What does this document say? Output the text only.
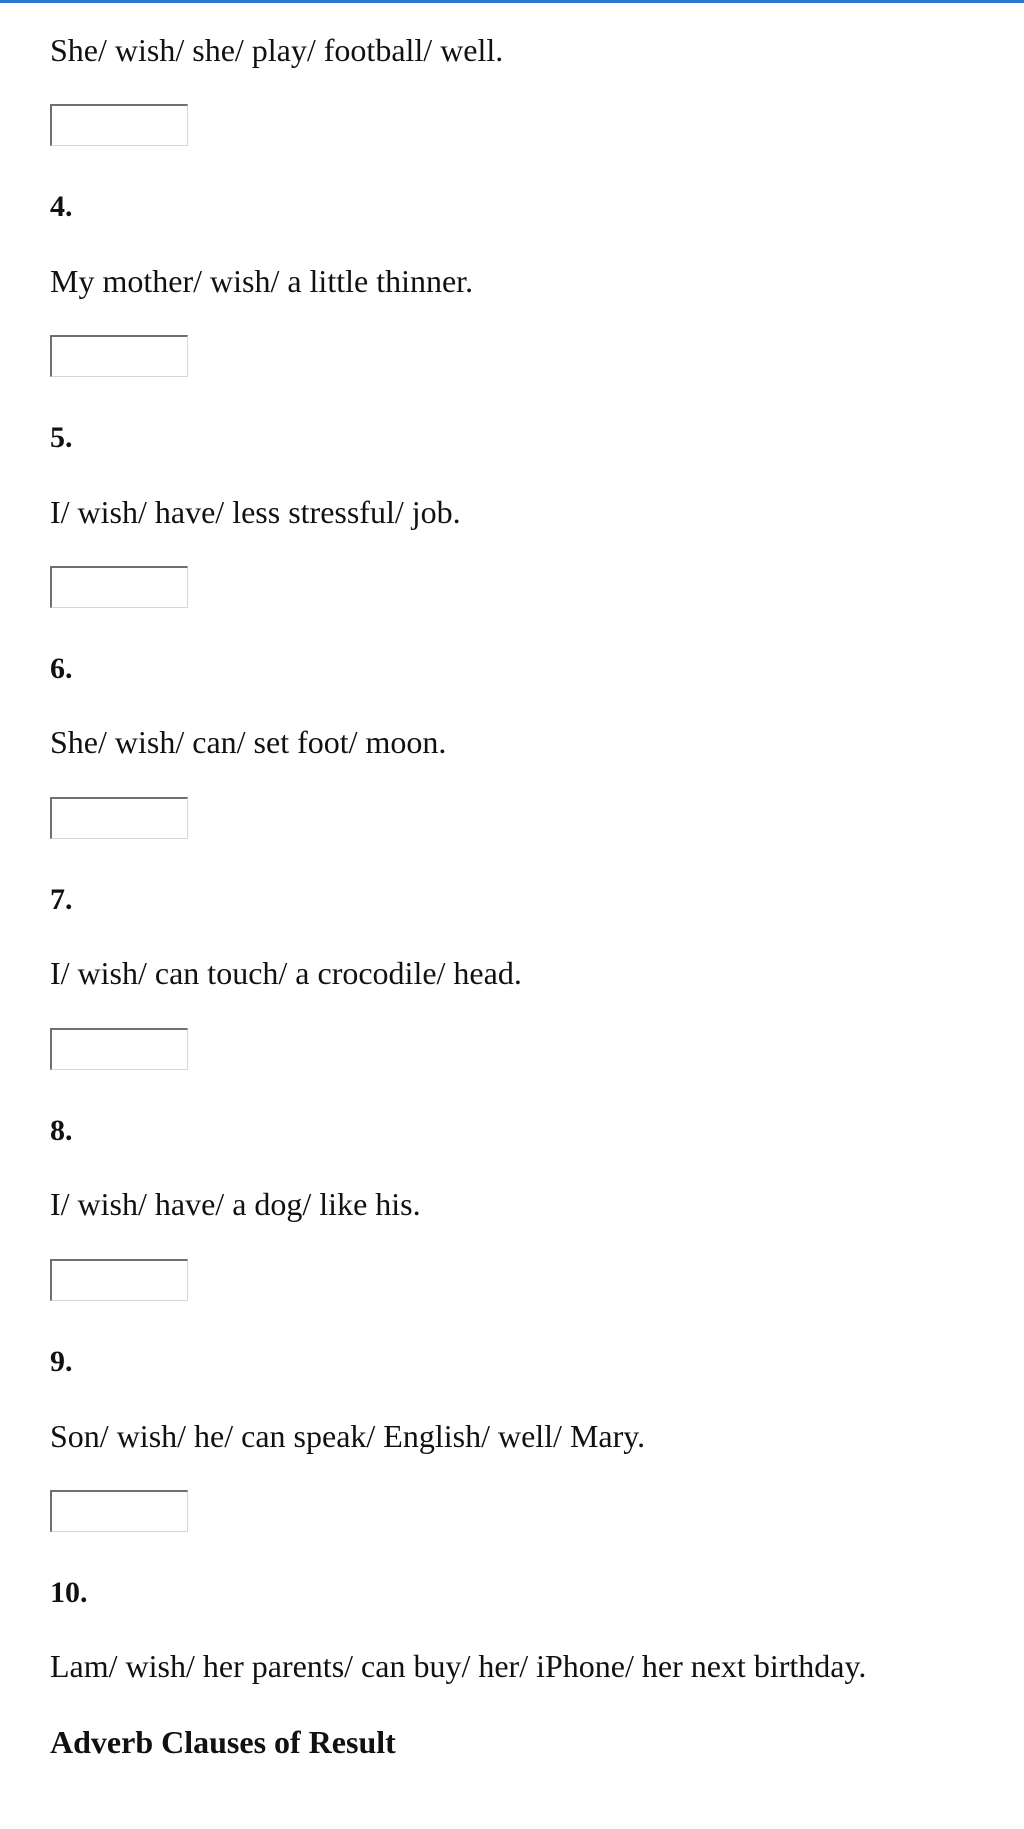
She/ wish/ she/ play/ football/ well.

4.

My mother/ wish/ a little thinner.

5.

I/ wish/ have/ less stressful/ job.

6.

She/ wish/ can/ set foot/ moon.

7.

I/ wish/ can touch/ a crocodile/ head.

8.

I/ wish/ have/ a dog/ like his.

9.

Son/ wish/ he/ can speak/ English/ well/ Mary.

10.

Lam/ wish/ her parents/ can buy/ her/ iPhone/ her next birthday.

Adverb Clauses of Result
